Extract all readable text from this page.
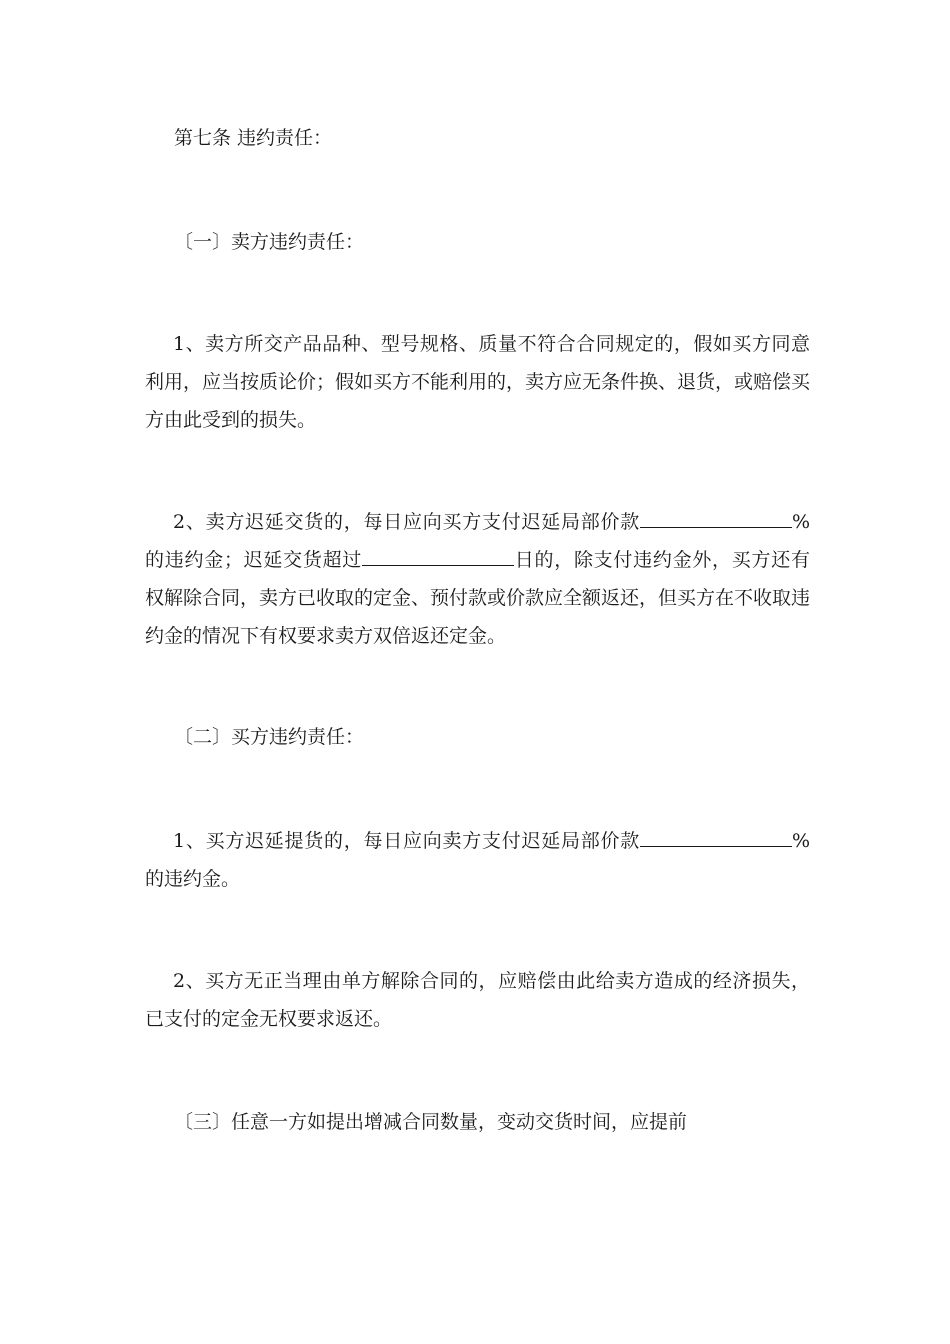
第七条 违约责任：

〔一〕卖方违约责任：

1、卖方所交产品品种、型号规格、质量不符合合同规定的，假如买方同意利用，应当按质论价；假如买方不能利用的，卖方应无条件换、退货，或赔偿买方由此受到的损失。

2、卖方迟延交货的，每日应向买方支付迟延局部价款	%的违约金；迟延交货超过	日的，除支付违约金外，买方还有权解除合同，卖方已收取的定金、预付款或价款应全额返还，但买方在不收取违约金的情况下有权要求卖方双倍返还定金。

〔二〕买方违约责任：

1、买方迟延提货的，每日应向卖方支付迟延局部价款	%的违约金。

2、买方无正当理由单方解除合同的，应赔偿由此给卖方造成的经济损失，已支付的定金无权要求返还。

〔三〕任意一方如提出增减合同数量，变动交货时间，应提前
